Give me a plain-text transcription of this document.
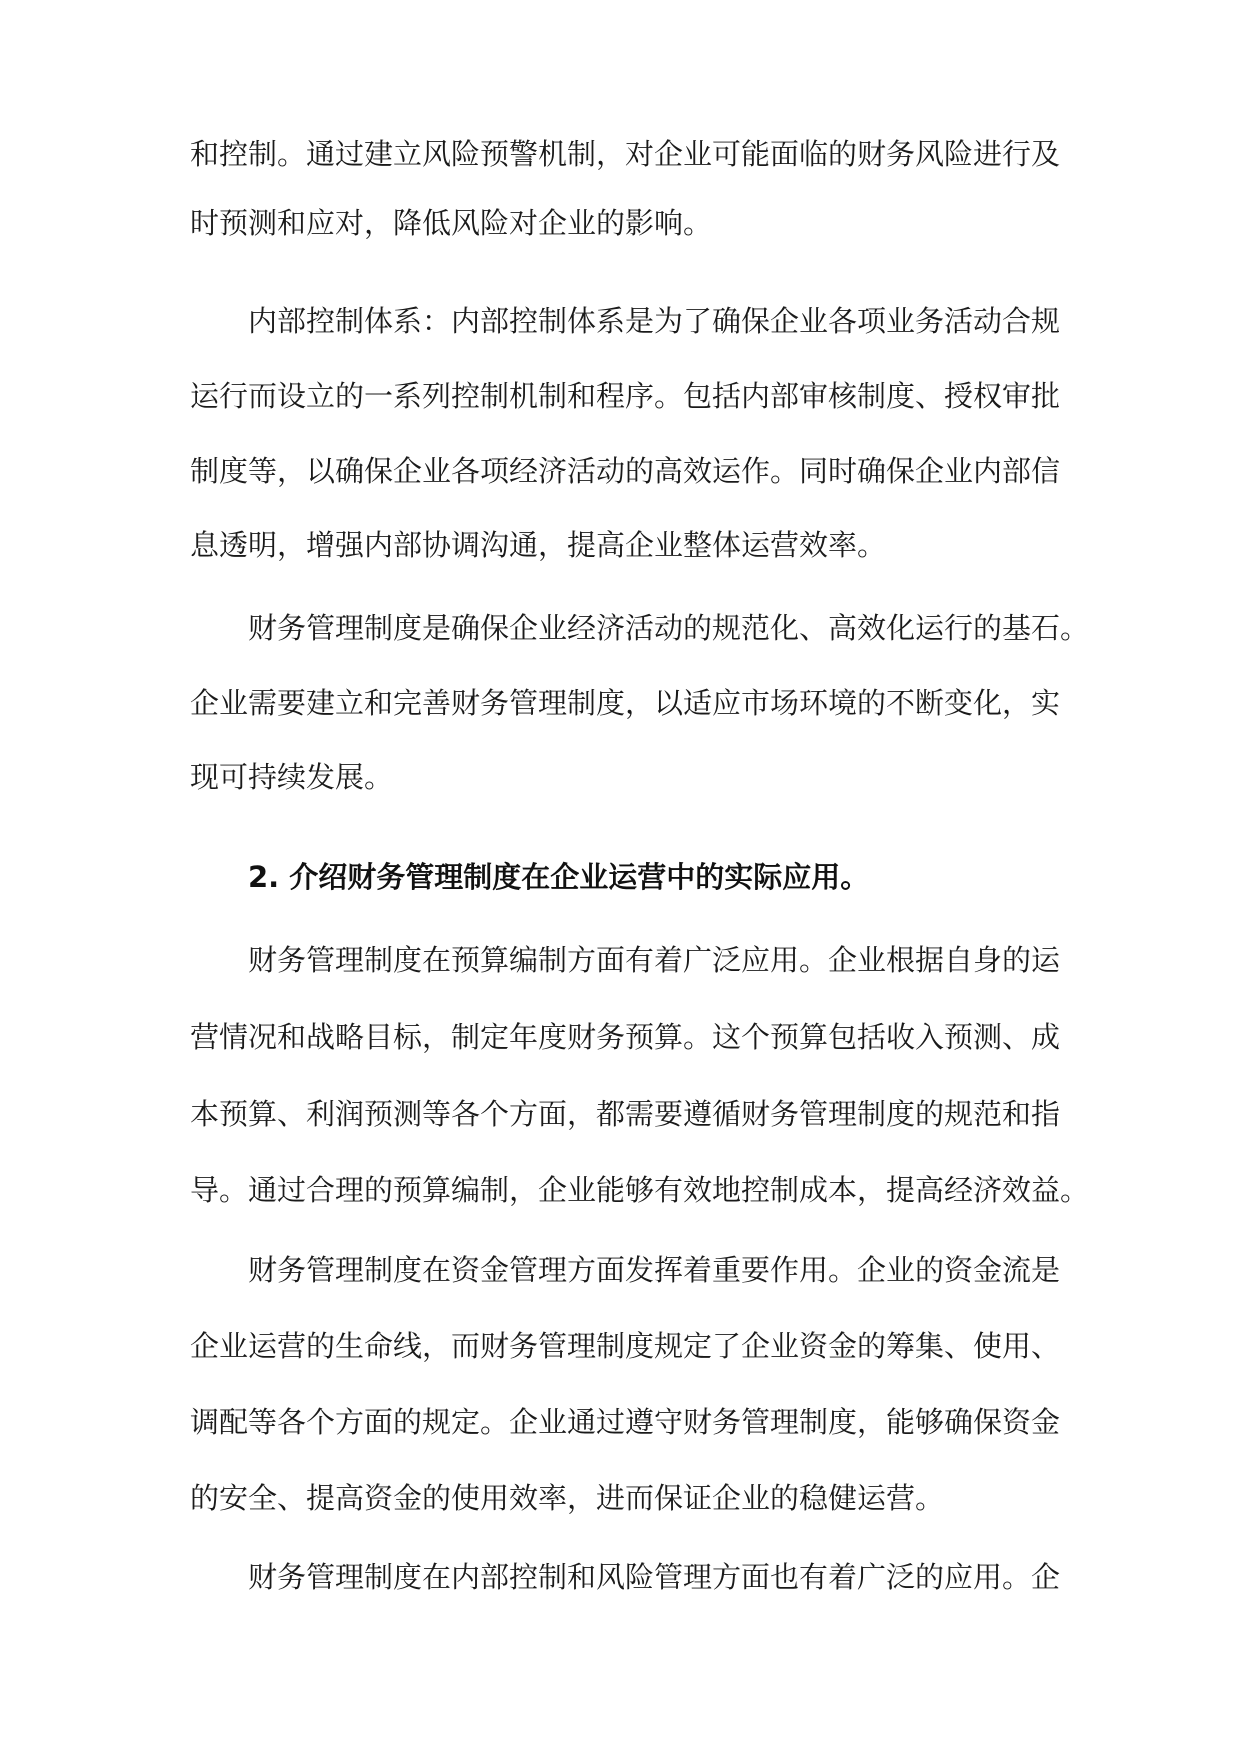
和控制。通过建立风险预警机制，对企业可能面临的财务风险进行及
时预测和应对，降低风险对企业的影响。
内部控制体系：内部控制体系是为了确保企业各项业务活动合规
运行而设立的一系列控制机制和程序。包括内部审核制度、授权审批
制度等，以确保企业各项经济活动的高效运作。同时确保企业内部信
息透明，增强内部协调沟通，提高企业整体运营效率。
财务管理制度是确保企业经济活动的规范化、高效化运行的基石。
企业需要建立和完善财务管理制度，以适应市场环境的不断变化，实
现可持续发展。
财务管理制度在预算编制方面有着广泛应用。企业根据自身的运
营情况和战略目标，制定年度财务预算。这个预算包括收入预测、成
本预算、利润预测等各个方面，都需要遵循财务管理制度的规范和指
导。通过合理的预算编制，企业能够有效地控制成本，提高经济效益。
财务管理制度在资金管理方面发挥着重要作用。企业的资金流是
企业运营的生命线，而财务管理制度规定了企业资金的筹集、使用、
调配等各个方面的规定。企业通过遵守财务管理制度，能够确保资金
的安全、提高资金的使用效率，进而保证企业的稳健运营。
财务管理制度在内部控制和风险管理方面也有着广泛的应用。企
2. 介绍财务管理制度在企业运营中的实际应用。
